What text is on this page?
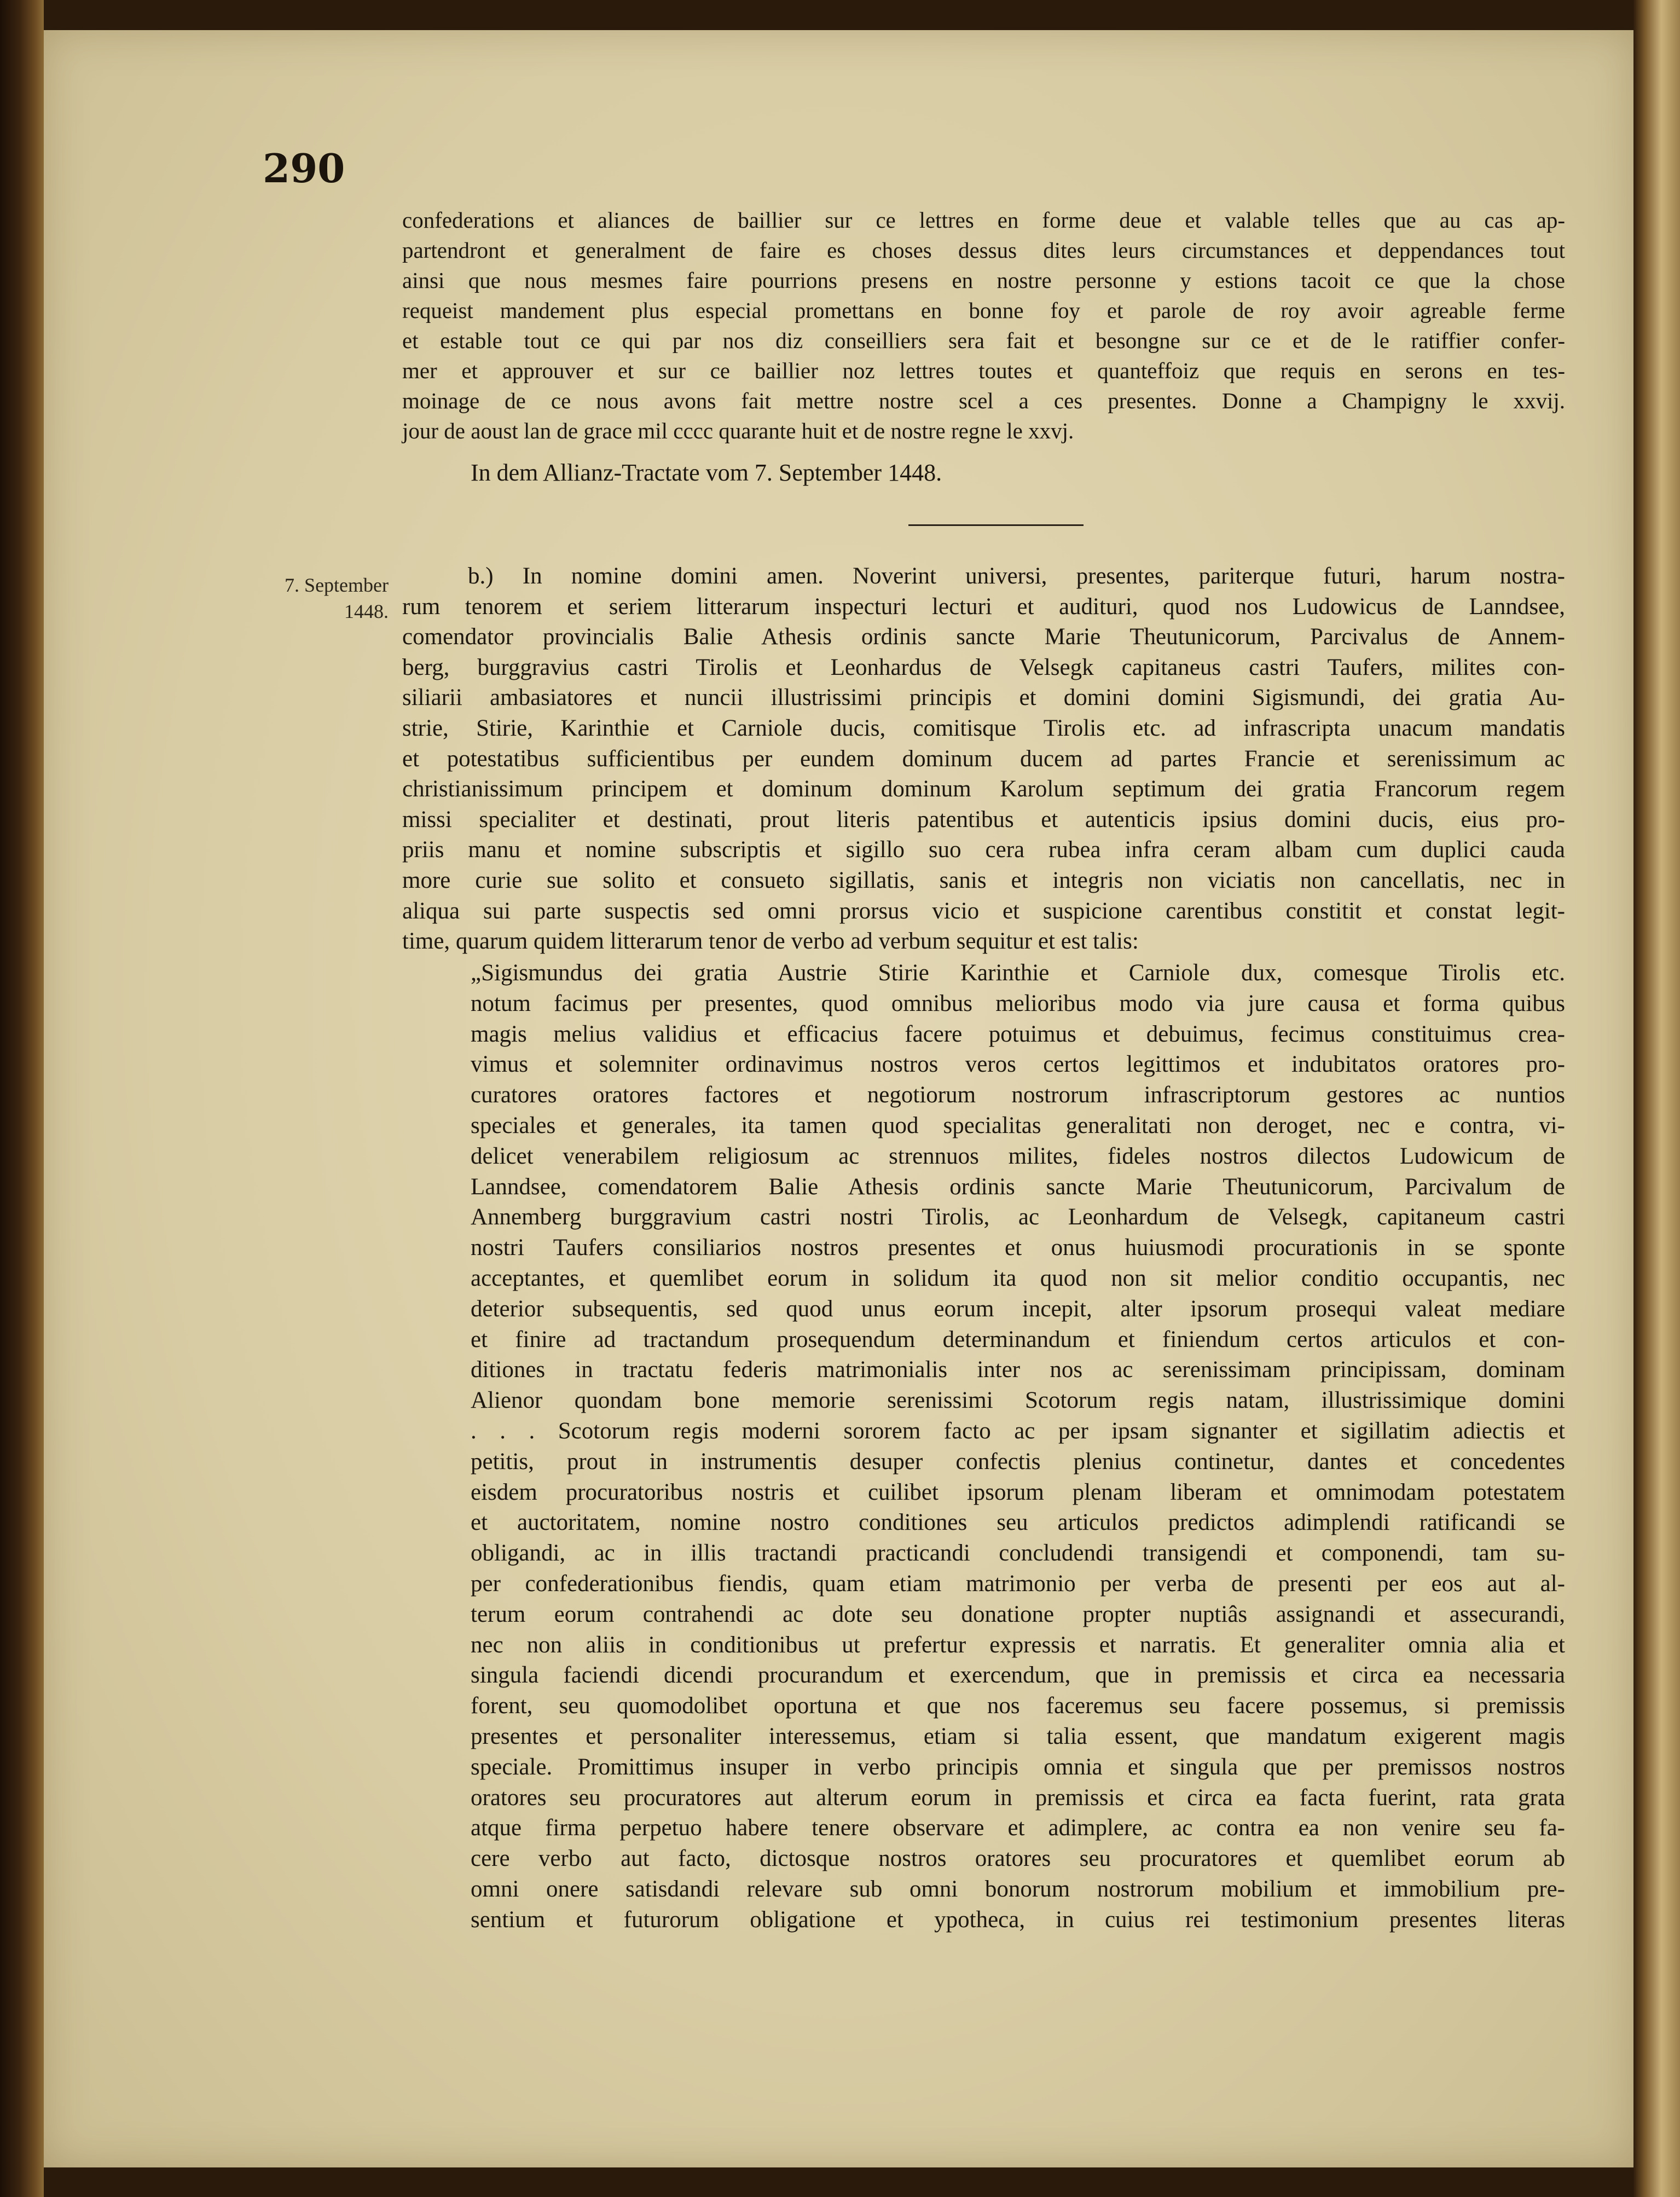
290
7. September
1448.
confederations et aliances de baillier sur ce lettres en forme deue et valable telles que au cas ap-
partendront et generalment de faire es choses dessus dites leurs circumstances et deppendances tout
ainsi que nous mesmes faire pourrions presens en nostre personne y estions tacoit ce que la chose
requeist mandement plus especial promettans en bonne foy et parole de roy avoir agreable ferme
et estable tout ce qui par nos diz conseilliers sera fait et besongne sur ce et de le ratiffier confer-
mer et approuver et sur ce baillier noz lettres toutes et quanteffoiz que requis en serons en tes-
moinage de ce nous avons fait mettre nostre scel a ces presentes. Donne a Champigny le xxvij.
jour de aoust lan de grace mil cccc quarante huit et de nostre regne le xxvj.
In dem Allianz-Tractate vom 7. September 1448.
b.) In nomine domini amen. Noverint universi, presentes, pariterque futuri, harum nostra-
rum tenorem et seriem litterarum inspecturi lecturi et audituri, quod nos Ludowicus de Lanndsee,
comendator provincialis Balie Athesis ordinis sancte Marie Theutunicorum, Parcivalus de Annem-
berg, burggravius castri Tirolis et Leonhardus de Velsegk capitaneus castri Taufers, milites con-
siliarii ambasiatores et nuncii illustrissimi principis et domini domini Sigismundi, dei gratia Au-
strie, Stirie, Karinthie et Carniole ducis, comitisque Tirolis etc. ad infrascripta unacum mandatis
et potestatibus sufficientibus per eundem dominum ducem ad partes Francie et serenissimum ac
christianissimum principem et dominum dominum Karolum septimum dei gratia Francorum regem
missi specialiter et destinati, prout literis patentibus et autenticis ipsius domini ducis, eius pro-
priis manu et nomine subscriptis et sigillo suo cera rubea infra ceram albam cum duplici cauda
more curie sue solito et consueto sigillatis, sanis et integris non viciatis non cancellatis, nec in
aliqua sui parte suspectis sed omni prorsus vicio et suspicione carentibus constitit et constat legit-
time, quarum quidem litterarum tenor de verbo ad verbum sequitur et est talis:
„Sigismundus dei gratia Austrie Stirie Karinthie et Carniole dux, comesque Tirolis etc.
notum facimus per presentes, quod omnibus melioribus modo via jure causa et forma quibus
magis melius validius et efficacius facere potuimus et debuimus, fecimus constituimus crea-
vimus et solemniter ordinavimus nostros veros certos legittimos et indubitatos oratores pro-
curatores oratores factores et negotiorum nostrorum infrascriptorum gestores ac nuntios
speciales et generales, ita tamen quod specialitas generalitati non deroget, nec e contra, vi-
delicet venerabilem religiosum ac strennuos milites, fideles nostros dilectos Ludowicum de
Lanndsee, comendatorem Balie Athesis ordinis sancte Marie Theutunicorum, Parcivalum de
Annemberg burggravium castri nostri Tirolis, ac Leonhardum de Velsegk, capitaneum castri
nostri Taufers consiliarios nostros presentes et onus huiusmodi procurationis in se sponte
acceptantes, et quemlibet eorum in solidum ita quod non sit melior conditio occupantis, nec
deterior subsequentis, sed quod unus eorum incepit, alter ipsorum prosequi valeat mediare
et finire ad tractandum prosequendum determinandum et finiendum certos articulos et con-
ditiones in tractatu federis matrimonialis inter nos ac serenissimam principissam, dominam
Alienor quondam bone memorie serenissimi Scotorum regis natam, illustrissimique domini
. . . Scotorum regis moderni sororem facto ac per ipsam signanter et sigillatim adiectis et
petitis, prout in instrumentis desuper confectis plenius continetur, dantes et concedentes
eisdem procuratoribus nostris et cuilibet ipsorum plenam liberam et omnimodam potestatem
et auctoritatem, nomine nostro conditiones seu articulos predictos adimplendi ratificandi se
obligandi, ac in illis tractandi practicandi concludendi transigendi et componendi, tam su-
per confederationibus fiendis, quam etiam matrimonio per verba de presenti per eos aut al-
terum eorum contrahendi ac dote seu donatione propter nuptiâs assignandi et assecurandi,
nec non aliis in conditionibus ut prefertur expressis et narratis. Et generaliter omnia alia et
singula faciendi dicendi procurandum et exercendum, que in premissis et circa ea necessaria
forent, seu quomodolibet oportuna et que nos faceremus seu facere possemus, si premissis
presentes et personaliter interessemus, etiam si talia essent, que mandatum exigerent magis
speciale. Promittimus insuper in verbo principis omnia et singula que per premissos nostros
oratores seu procuratores aut alterum eorum in premissis et circa ea facta fuerint, rata grata
atque firma perpetuo habere tenere observare et adimplere, ac contra ea non venire seu fa-
cere verbo aut facto, dictosque nostros oratores seu procuratores et quemlibet eorum ab
omni onere satisdandi relevare sub omni bonorum nostrorum mobilium et immobilium pre-
sentium et futurorum obligatione et ypotheca, in cuius rei testimonium presentes literas
